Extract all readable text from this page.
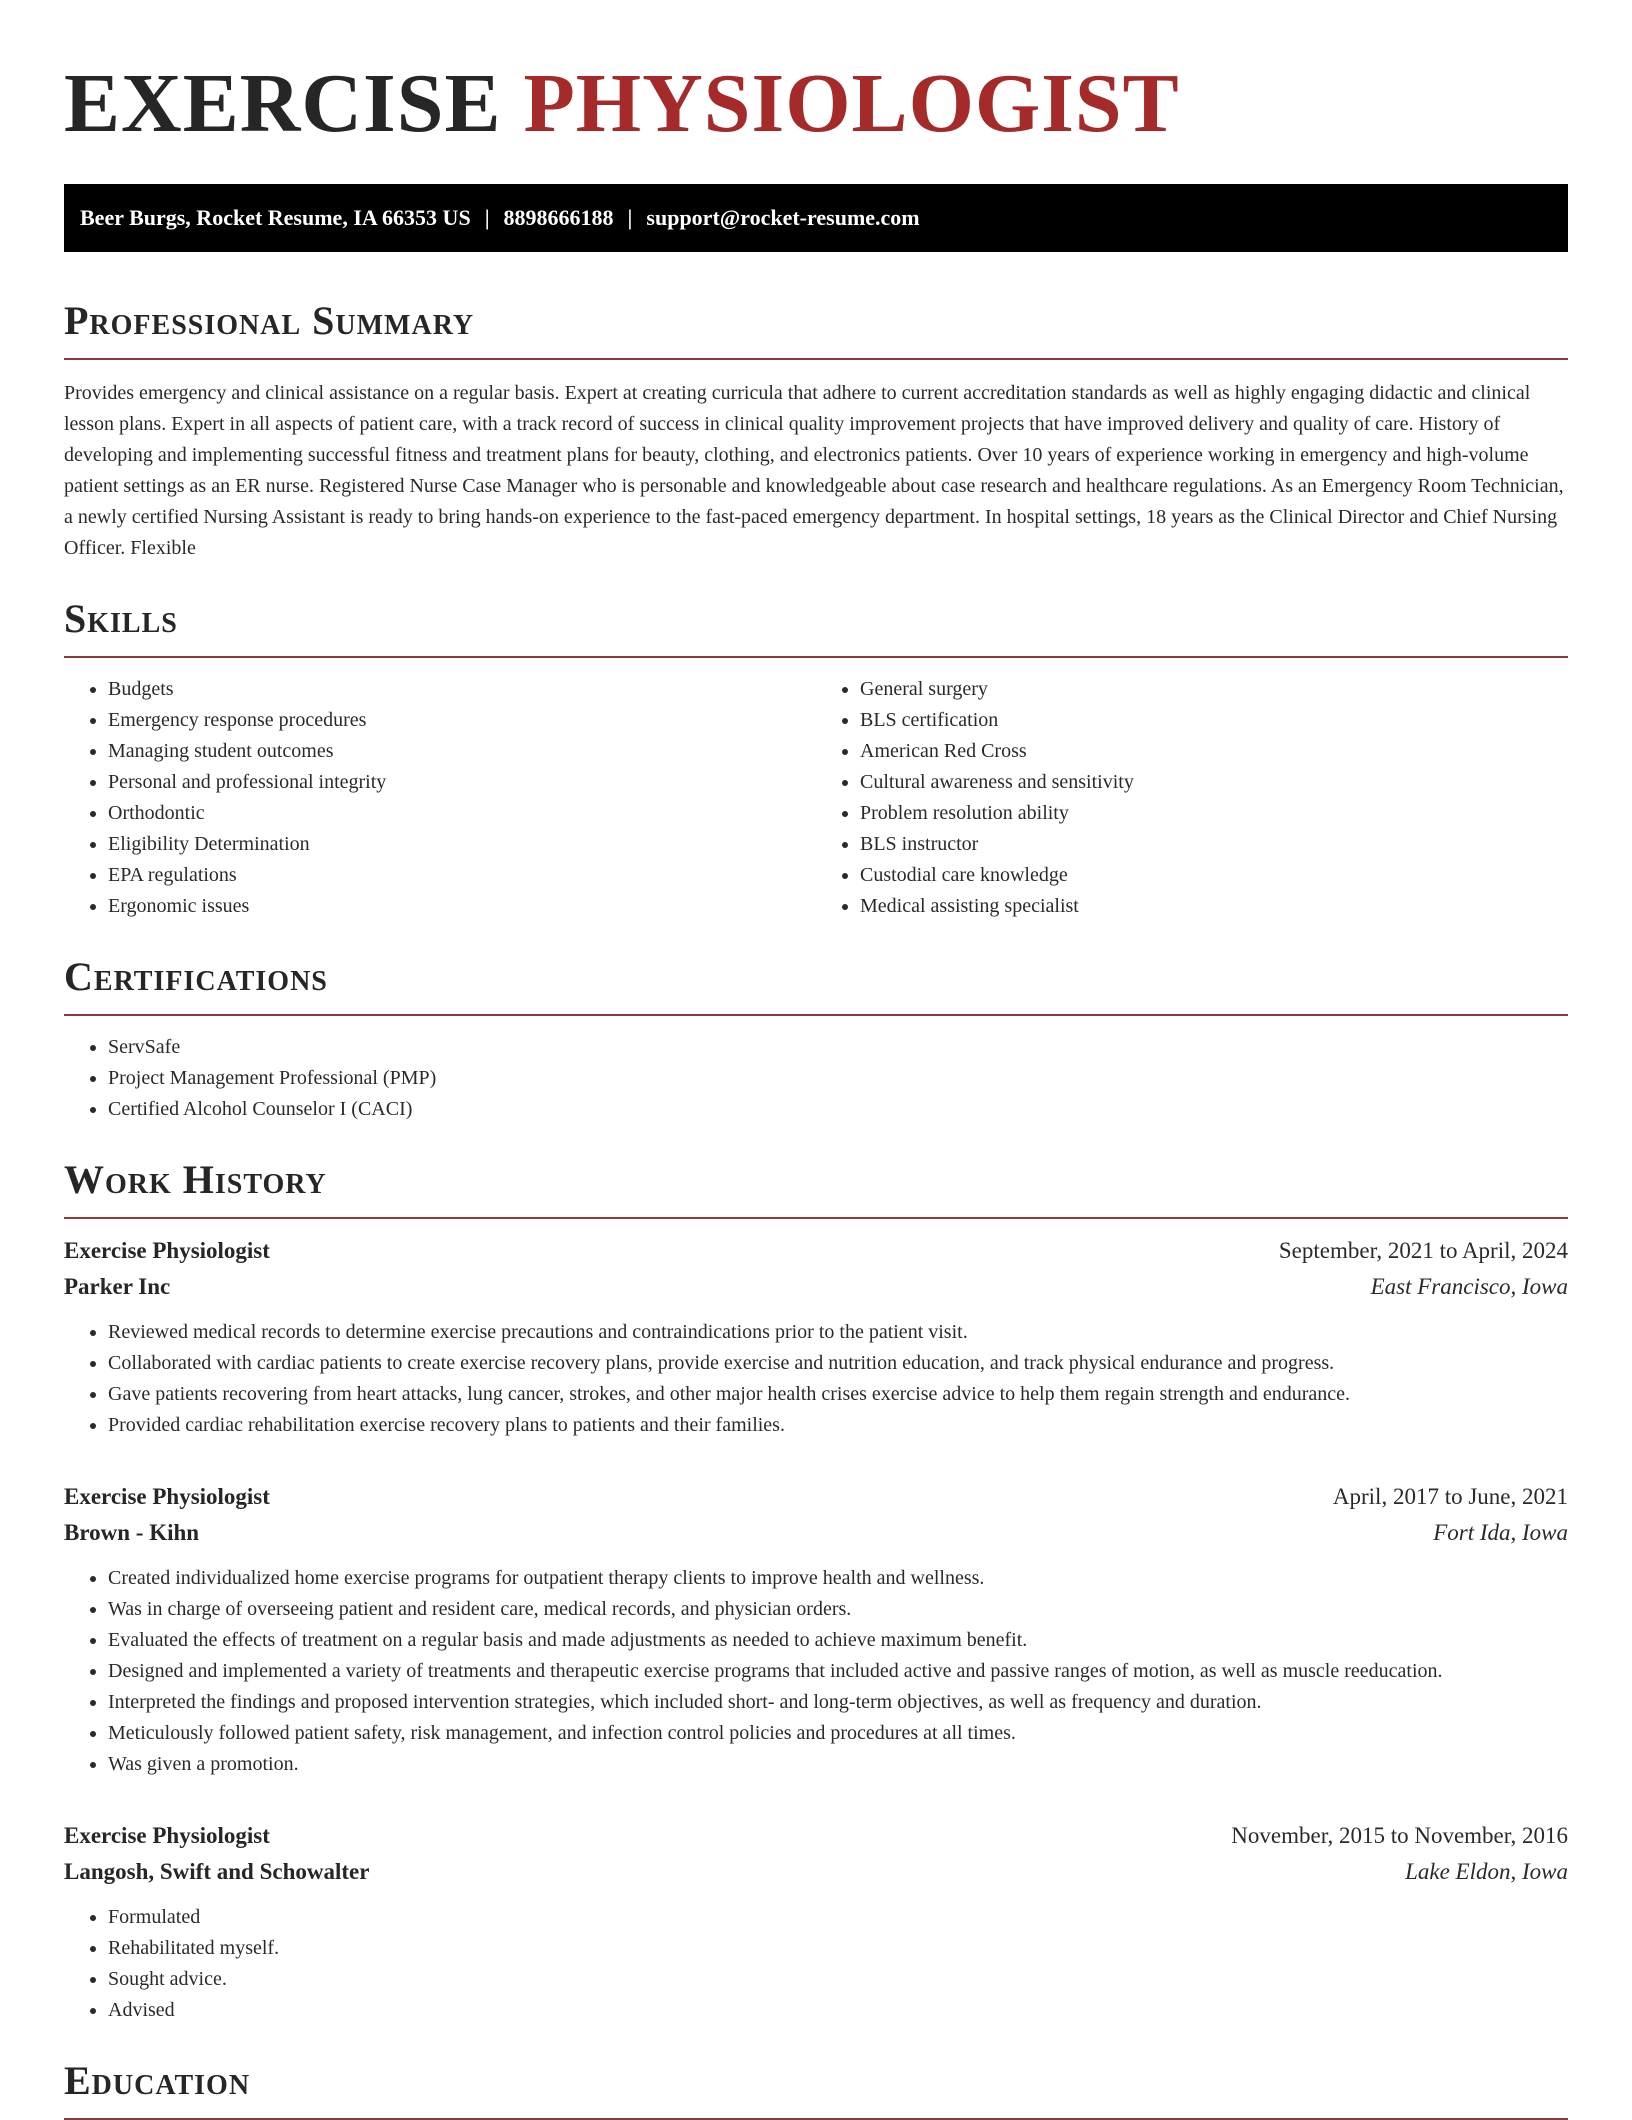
EXERCISE PHYSIOLOGIST
Beer Burgs, Rocket Resume, IA 66353 US | 8898666188 | support@rocket-resume.com
Professional Summary

Provides emergency and clinical assistance on a regular basis. Expert at creating curricula that adhere to current accreditation standards as well as highly engaging didactic and clinical lesson plans. Expert in all aspects of patient care, with a track record of success in clinical quality improvement projects that have improved delivery and quality of care. History of developing and implementing successful fitness and treatment plans for beauty, clothing, and electronics patients. Over 10 years of experience working in emergency and high-volume patient settings as an ER nurse. Registered Nurse Case Manager who is personable and knowledgeable about case research and healthcare regulations. As an Emergency Room Technician, a newly certified Nursing Assistant is ready to bring hands-on experience to the fast-paced emergency department. In hospital settings, 18 years as the Clinical Director and Chief Nursing Officer. Flexible

Skills
• Budgets
• Emergency response procedures
• Managing student outcomes
• Personal and professional integrity
• Orthodontic
• Eligibility Determination
• EPA regulations
• Ergonomic issues
• General surgery
• BLS certification
• American Red Cross
• Cultural awareness and sensitivity
• Problem resolution ability
• BLS instructor
• Custodial care knowledge
• Medical assisting specialist
Certifications
• ServSafe
• Project Management Professional (PMP)
• Certified Alcohol Counselor I (CACI)
Work History
Exercise Physiologist	September, 2021 to April, 2024
Parker Inc	East Francisco, Iowa
• Reviewed medical records to determine exercise precautions and contraindications prior to the patient visit.
• Collaborated with cardiac patients to create exercise recovery plans, provide exercise and nutrition education, and track physical endurance and progress.
• Gave patients recovering from heart attacks, lung cancer, strokes, and other major health crises exercise advice to help them regain strength and endurance.
• Provided cardiac rehabilitation exercise recovery plans to patients and their families.
Exercise Physiologist	April, 2017 to June, 2021
Brown - Kihn	Fort Ida, Iowa
• Created individualized home exercise programs for outpatient therapy clients to improve health and wellness.
• Was in charge of overseeing patient and resident care, medical records, and physician orders.
• Evaluated the effects of treatment on a regular basis and made adjustments as needed to achieve maximum benefit.
• Designed and implemented a variety of treatments and therapeutic exercise programs that included active and passive ranges of motion, as well as muscle reeducation.
• Interpreted the findings and proposed intervention strategies, which included short- and long-term objectives, as well as frequency and duration.
• Meticulously followed patient safety, risk management, and infection control policies and procedures at all times.
• Was given a promotion.
Exercise Physiologist	November, 2015 to November, 2016
Langosh, Swift and Schowalter	Lake Eldon, Iowa
• Formulated
• Rehabilitated myself.
• Sought advice.
• Advised
Education
